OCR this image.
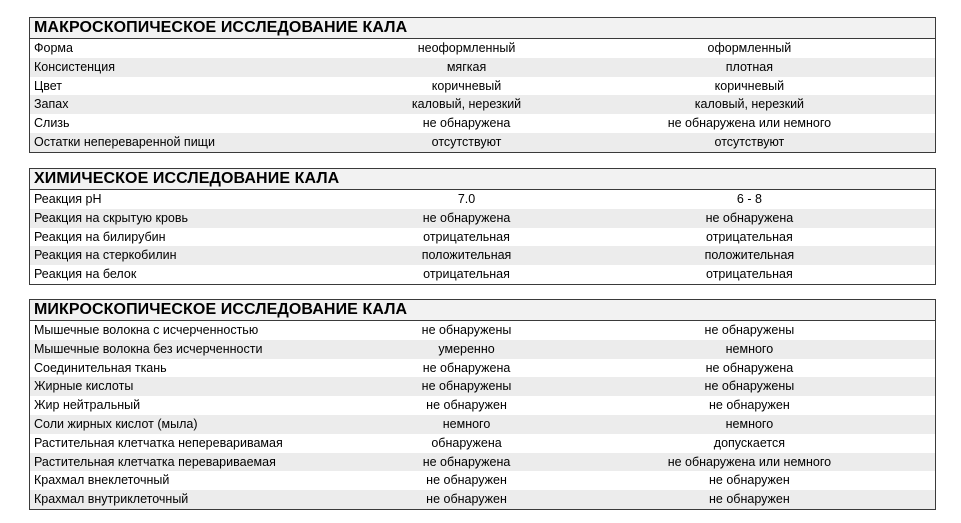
МАКРОСКОПИЧЕСКОЕ ИССЛЕДОВАНИЕ КАЛА
Форма	неоформленный	оформленный
Консистенция	мягкая	плотная
Цвет	коричневый	коричневый
Запах	каловый, нерезкий	каловый, нерезкий
Слизь	не обнаружена	не обнаружена или немного
Остатки непереваренной пищи	отсутствуют	отсутствуют
ХИМИЧЕСКОЕ ИССЛЕДОВАНИЕ КАЛА
Реакция pH	7.0	6 - 8
Реакция на скрытую кровь	не обнаружена	не обнаружена
Реакция на билирубин	отрицательная	отрицательная
Реакция на стеркобилин	положительная	положительная
Реакция на белок	отрицательная	отрицательная
МИКРОСКОПИЧЕСКОЕ ИССЛЕДОВАНИЕ КАЛА
Мышечные волокна с исчерченностью	не обнаружены	не обнаружены
Мышечные волокна без исчерченности	умеренно	немного
Соединительная ткань	не обнаружена	не обнаружена
Жирные кислоты	не обнаружены	не обнаружены
Жир нейтральный	не обнаружен	не обнаружен
Соли жирных кислот (мыла)	немного	немного
Растительная клетчатка непереваривамая	обнаружена	допускается
Растительная клетчатка перевариваемая	не обнаружена	не обнаружена или немного
Крахмал внеклеточный	не обнаружен	не обнаружен
Крахмал внутриклеточный	не обнаружен	не обнаружен
